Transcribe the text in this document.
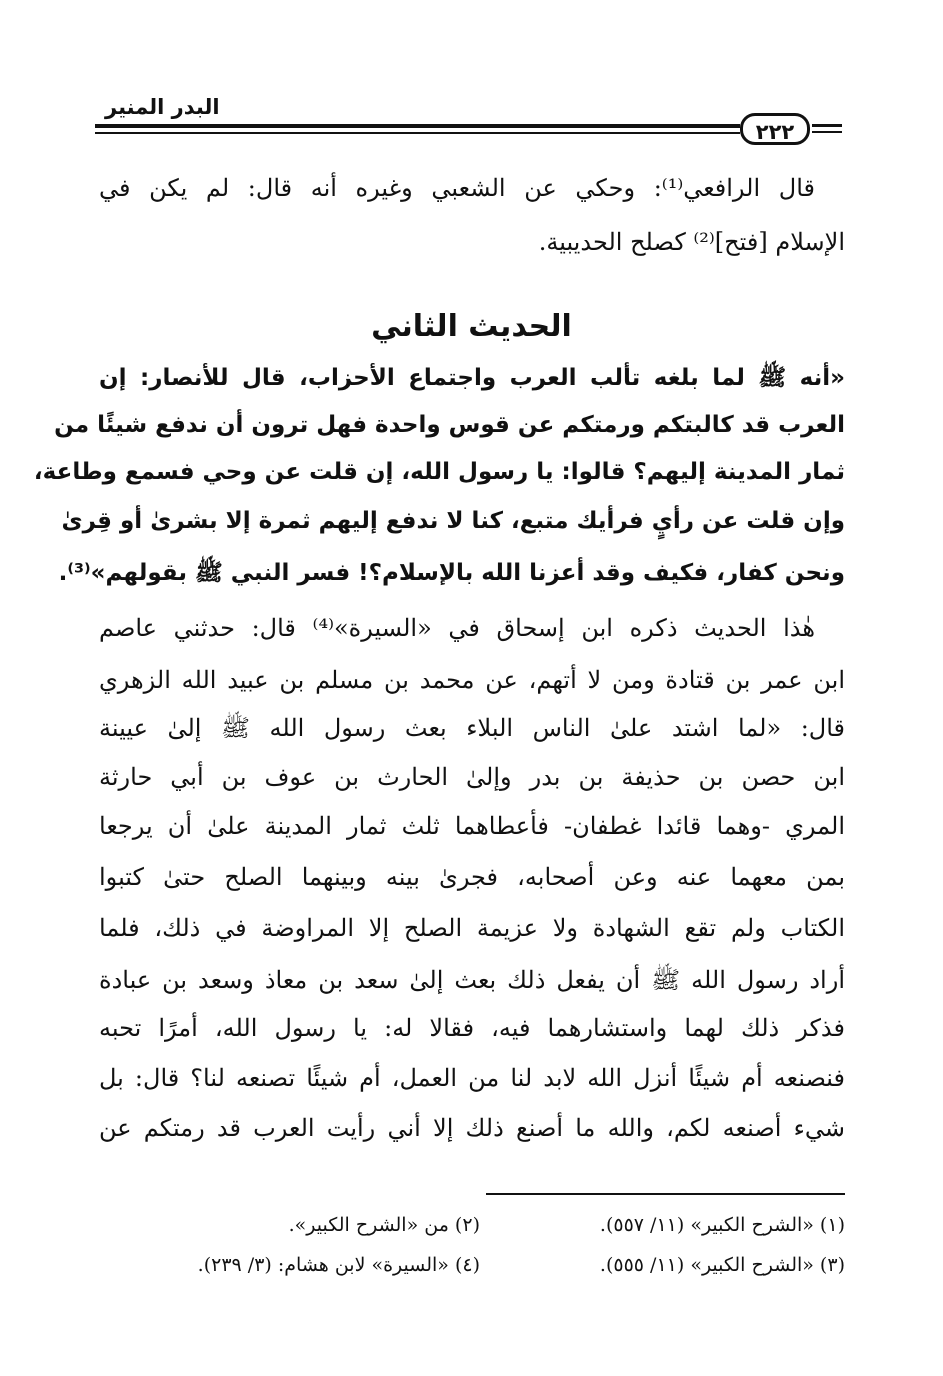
البدر المنير
٢٢٢
قال الرافعي⁽¹⁾: وحكي عن الشعبي وغيره أنه قال: لم يكن في
الإسلام [فتح]⁽²⁾ كصلح الحديبية.
الحديث الثاني
«أنه ﷺ لما بلغه تألب العرب واجتماع الأحزاب، قال للأنصار: إن
العرب قد كالبتكم ورمتكم عن قوس واحدة فهل ترون أن ندفع شيئًا من
ثمار المدينة إليهم؟ قالوا: يا رسول الله، إن قلت عن وحي فسمع وطاعة،
وإن قلت عن رأيٍ فرأيك متبع، كنا لا ندفع إليهم ثمرة إلا بشرىٰ أو قِرىٰ
ونحن كفار، فكيف وقد أعزنا الله بالإسلام؟! فسر النبي ﷺ بقولهم»⁽³⁾.
هٰذا الحديث ذكره ابن إسحاق في «السيرة»⁽⁴⁾ قال: حدثني عاصم
ابن عمر بن قتادة ومن لا أتهم، عن محمد بن مسلم بن عبيد الله الزهري
قال: «لما اشتد علىٰ الناس البلاء بعث رسول الله ﷺ إلىٰ عيينة
ابن حصن بن حذيفة بن بدر وإلىٰ الحارث بن عوف بن أبي حارثة
المري -وهما قائدا غطفان- فأعطاهما ثلث ثمار المدينة علىٰ أن يرجعا
بمن معهما عنه وعن أصحابه، فجرىٰ بينه وبينهما الصلح حتىٰ كتبوا
الكتاب ولم تقع الشهادة ولا عزيمة الصلح إلا المراوضة في ذلك، فلما
أراد رسول الله ﷺ أن يفعل ذلك بعث إلىٰ سعد بن معاذ وسعد بن عبادة
فذكر ذلك لهما واستشارهما فيه، فقالا له: يا رسول الله، أمرًا تحبه
فنصنعه أم شيئًا أنزل الله لابد لنا من العمل، أم شيئًا تصنعه لنا؟ قال: بل
شيء أصنعه لكم، والله ما أصنع ذلك إلا أني رأيت العرب قد رمتكم عن
(١) «الشرح الكبير» (١١/ ٥٥٧).
(٢) من «الشرح الكبير».
(٣) «الشرح الكبير» (١١/ ٥٥٥).
(٤) «السيرة» لابن هشام: (٣/ ٢٣٩).
